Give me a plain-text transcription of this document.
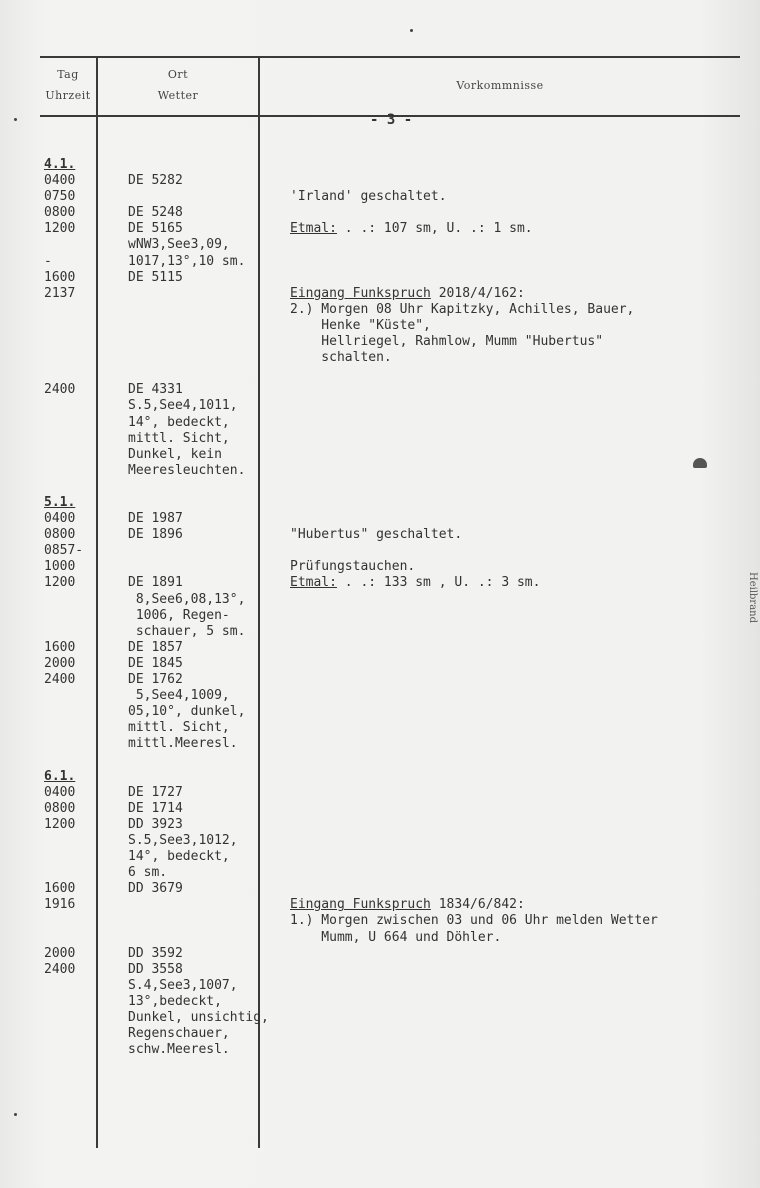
Tag
Uhrzeit
Ort
Wetter
Vorkommnisse
- 3 -
4.1.
0400
0750
0800
1200
-
1600
2137
2400
5.1.
0400
0800
0857-
1000
1200
1600
2000
2400
6.1.
0400
0800
1200
1600
1916
2000
2400
DE 5282
DE 5248
DE 5165
wNW3,See3,09,
1017,13°,10 sm.
DE 5115
DE 4331
S.5,See4,1011,
14°, bedeckt,
mittl. Sicht,
Dunkel, kein
Meeresleuchten.
DE 1987
DE 1896
DE 1891
8,See6,08,13°,
1006, Regen-
schauer, 5 sm.
DE 1857
DE 1845
DE 1762
5,See4,1009,
05,10°, dunkel,
mittl. Sicht,
mittl.Meeresl.
DE 1727
DE 1714
DD 3923
S.5,See3,1012,
14°, bedeckt,
6 sm.
DD 3679
DD 3592
DD 3558
S.4,See3,1007,
13°,bedeckt,
Dunkel, unsichtig,
Regenschauer,
schw.Meeresl.
'Irland' geschaltet.
Etmal: . .: 107 sm, U. .: 1 sm.
Eingang Funkspruch 2018/4/162:
2.) Morgen 08 Uhr Kapitzky, Achilles, Bauer,
Henke "Küste",
Hellriegel, Rahmlow, Mumm "Hubertus"
schalten.
"Hubertus" geschaltet.
Prüfungstauchen.
Etmal: . .: 133 sm , U. .: 3 sm.
Eingang Funkspruch 1834/6/842:
1.) Morgen zwischen 03 und 06 Uhr melden Wetter
Mumm, U 664 und Döhler.
Heilbrand
